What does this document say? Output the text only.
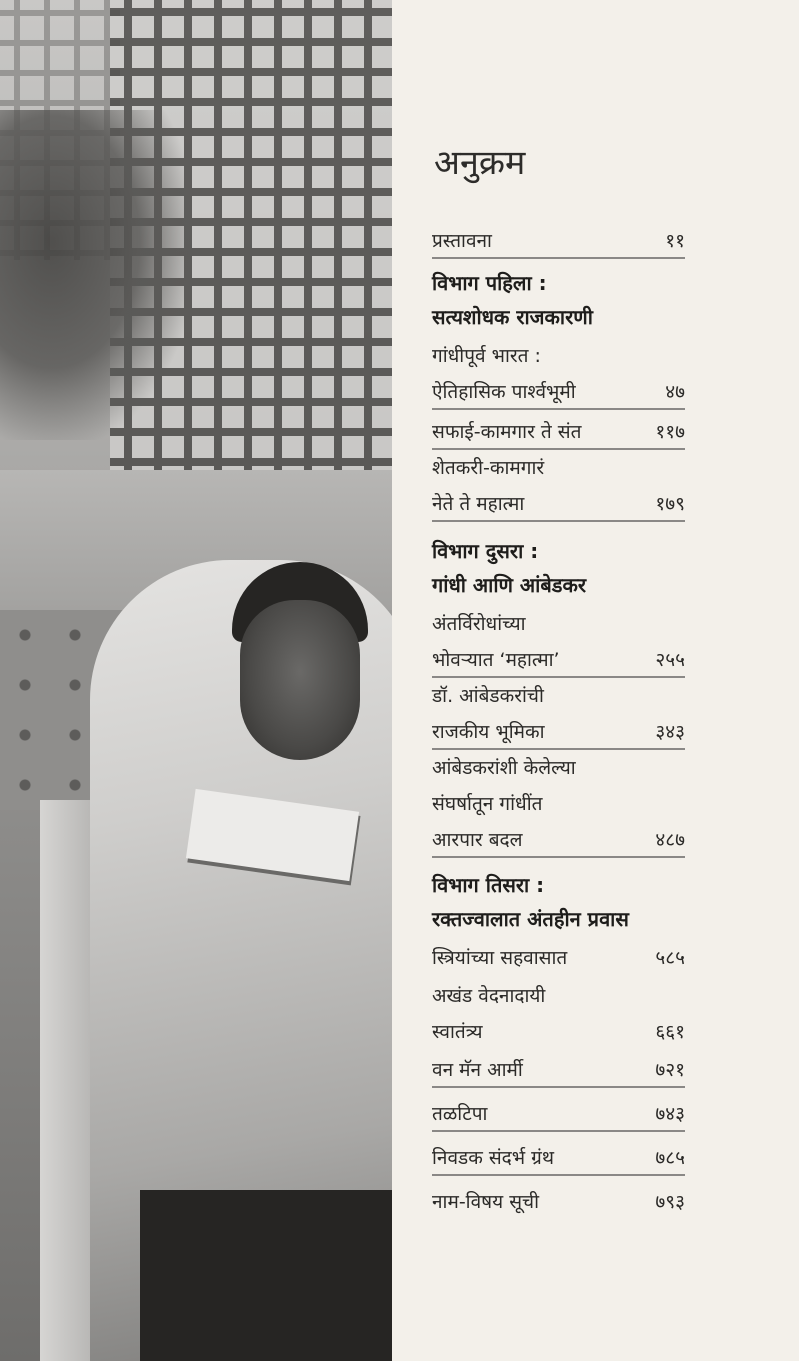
अनुक्रम
प्रस्तावना	११
विभाग पहिला :
सत्यशोधक राजकारणी
गांधीपूर्व भारत :
ऐतिहासिक पार्श्वभूमी	४७
सफाई-कामगार ते संत	११७
शेतकरी-कामगारं
नेते ते महात्मा	१७९
विभाग दुसरा :
गांधी आणि आंबेडकर
अंतर्विरोधांच्या
भोवऱ्यात ‘महात्मा’	२५५
डॉ. आंबेडकरांची
राजकीय भूमिका	३४३
आंबेडकरांशी केलेल्या
संघर्षातून गांधींत
आरपार बदल	४८७
विभाग तिसरा :
रक्तज्वालात अंतहीन प्रवास
स्त्रियांच्या सहवासात	५८५
अखंड वेदनादायी
स्वातंत्र्य	६६१
वन मॅन आर्मी	७२१
तळटिपा	७४३
निवडक संदर्भ ग्रंथ	७८५
नाम-विषय सूची	७९३
